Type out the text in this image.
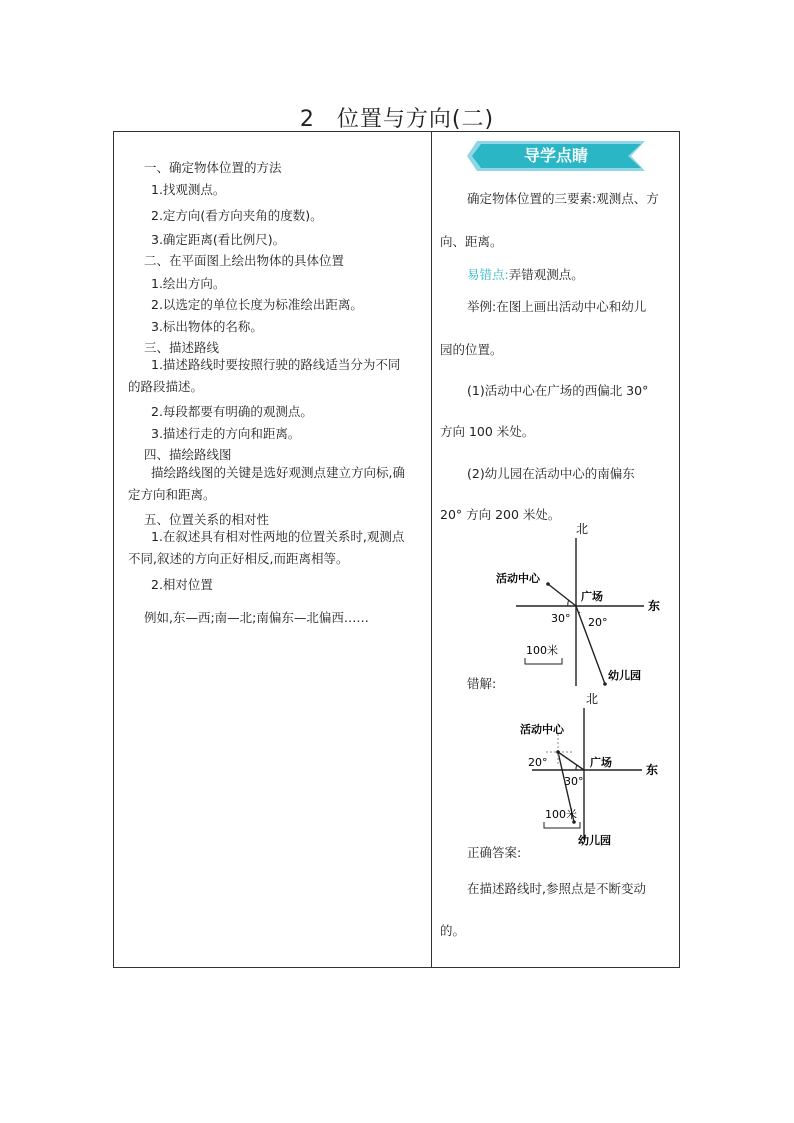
2 位置与方向(二)

一、确定物体位置的方法

1.找观测点。

2.定方向(看方向夹角的度数)。

3.确定距离(看比例尺)。

二、在平面图上绘出物体的具体位置

1.绘出方向。

2.以选定的单位长度为标准绘出距离。

3.标出物体的名称。

三、描述路线

1.描述路线时要按照行驶的路线适当分为不同的路段描述。

2.每段都要有明确的观测点。

3.描述行走的方向和距离。

四、描绘路线图

描绘路线图的关键是选好观测点建立方向标,确定方向和距离。

五、位置关系的相对性

1.在叙述具有相对性两地的位置关系时,观测点不同,叙述的方向正好相反,而距离相等。

2.相对位置

例如,东—西;南—北;南偏东—北偏西……

导学点睛

确定物体位置的三要素:观测点、方

向、距离。

易错点:弄错观测点。

举例:在图上画出活动中心和幼儿

园的位置。

(1)活动中心在广场的西偏北 30°

方向 100 米处。

(2)幼儿园在活动中心的南偏东

20° 方向 200 米处。

北
东
活动中心
广场
30° 20°
100米
幼儿园

错解:

北
东
活动中心
广场
20°
30°
100米
幼儿园

正确答案:

在描述路线时,参照点是不断变动

的。
